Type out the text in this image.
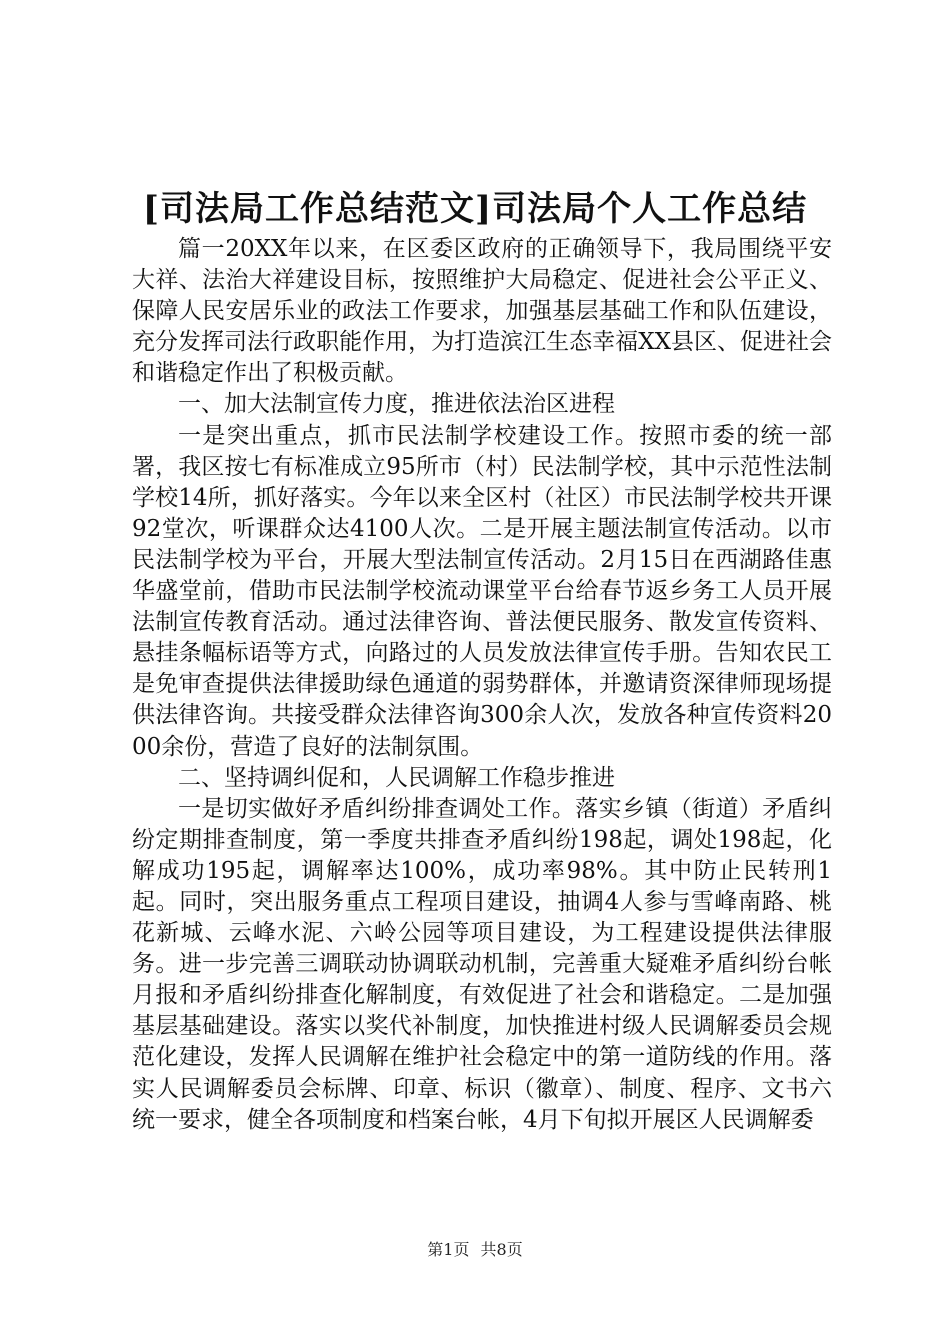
[司法局工作总结范文]司法局个人工作总结

篇一20XX年以来，在区委区政府的正确领导下，我局围绕平安大祥、法治大祥建设目标，按照维护大局稳定、促进社会公平正义、保障人民安居乐业的政法工作要求，加强基层基础工作和队伍建设，充分发挥司法行政职能作用，为打造滨江生态幸福XX县区、促进社会和谐稳定作出了积极贡献。

一、加大法制宣传力度，推进依法治区进程

一是突出重点，抓市民法制学校建设工作。按照市委的统一部署，我区按七有标准成立95所市（村）民法制学校，其中示范性法制学校14所，抓好落实。今年以来全区村（社区）市民法制学校共开课92堂次，听课群众达4100人次。二是开展主题法制宣传活动。以市民法制学校为平台，开展大型法制宣传活动。2月15日在西湖路佳惠华盛堂前，借助市民法制学校流动课堂平台给春节返乡务工人员开展法制宣传教育活动。通过法律咨询、普法便民服务、散发宣传资料、悬挂条幅标语等方式，向路过的人员发放法律宣传手册。告知农民工是免审查提供法律援助绿色通道的弱势群体，并邀请资深律师现场提供法律咨询。共接受群众法律咨询300余人次，发放各种宣传资料2000余份，营造了良好的法制氛围。

二、坚持调纠促和，人民调解工作稳步推进

一是切实做好矛盾纠纷排查调处工作。落实乡镇（街道）矛盾纠纷定期排查制度，第一季度共排查矛盾纠纷198起，调处198起，化解成功195起，调解率达100%，成功率98%。其中防止民转刑1起。同时，突出服务重点工程项目建设，抽调4人参与雪峰南路、桃花新城、云峰水泥、六岭公园等项目建设，为工程建设提供法律服务。进一步完善三调联动协调联动机制，完善重大疑难矛盾纠纷台帐月报和矛盾纠纷排查化解制度，有效促进了社会和谐稳定。二是加强基层基础建设。落实以奖代补制度，加快推进村级人民调解委员会规范化建设，发挥人民调解在维护社会稳定中的第一道防线的作用。落实人民调解委员会标牌、印章、标识（徽章）、制度、程序、文书六统一要求，健全各项制度和档案台帐，4月下旬拟开展区人民调解委

第1页 共8页
